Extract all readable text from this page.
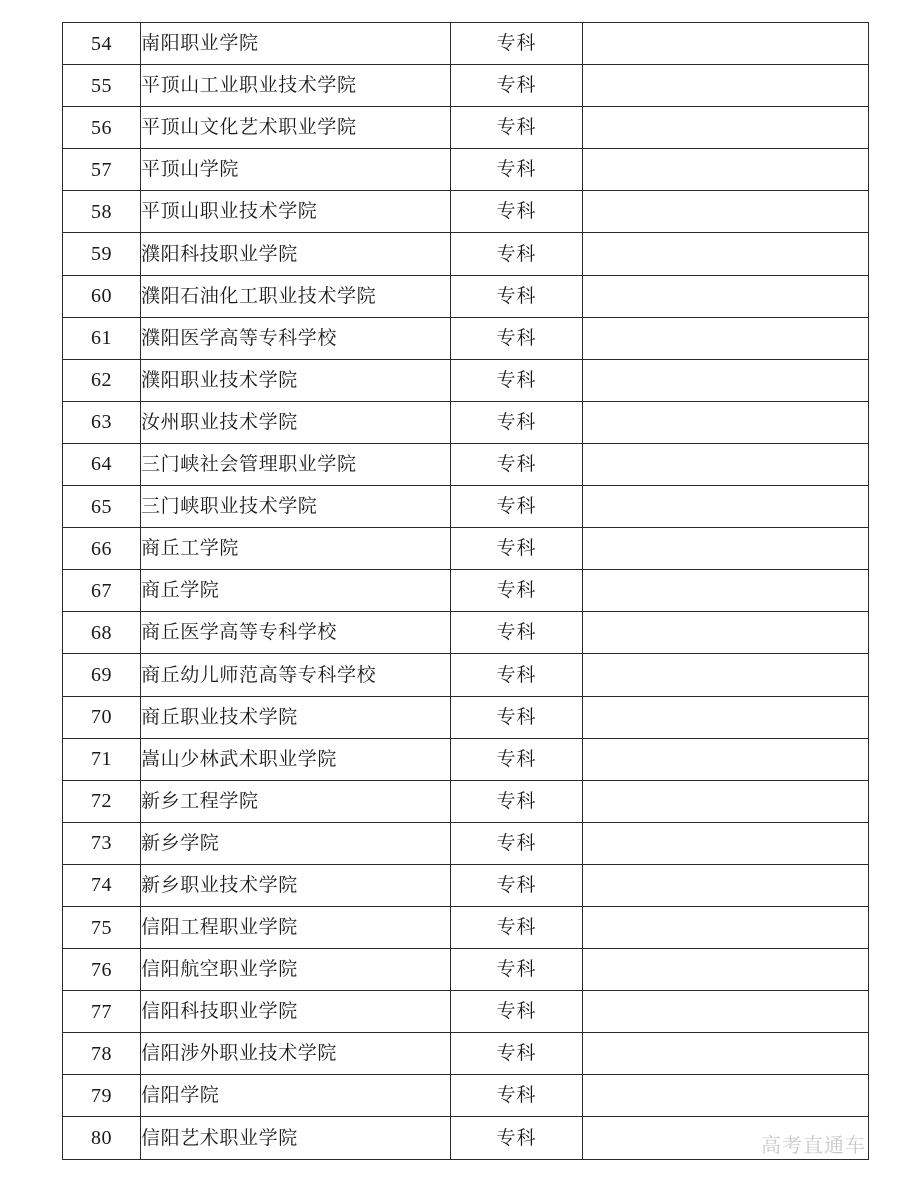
54	南阳职业学院	专科	
55	平顶山工业职业技术学院	专科	
56	平顶山文化艺术职业学院	专科	
57	平顶山学院	专科	
58	平顶山职业技术学院	专科	
59	濮阳科技职业学院	专科	
60	濮阳石油化工职业技术学院	专科	
61	濮阳医学高等专科学校	专科	
62	濮阳职业技术学院	专科	
63	汝州职业技术学院	专科	
64	三门峡社会管理职业学院	专科	
65	三门峡职业技术学院	专科	
66	商丘工学院	专科	
67	商丘学院	专科	
68	商丘医学高等专科学校	专科	
69	商丘幼儿师范高等专科学校	专科	
70	商丘职业技术学院	专科	
71	嵩山少林武术职业学院	专科	
72	新乡工程学院	专科	
73	新乡学院	专科	
74	新乡职业技术学院	专科	
75	信阳工程职业学院	专科	
76	信阳航空职业学院	专科	
77	信阳科技职业学院	专科	
78	信阳涉外职业技术学院	专科	
79	信阳学院	专科	
80	信阳艺术职业学院	专科		高考直通车
